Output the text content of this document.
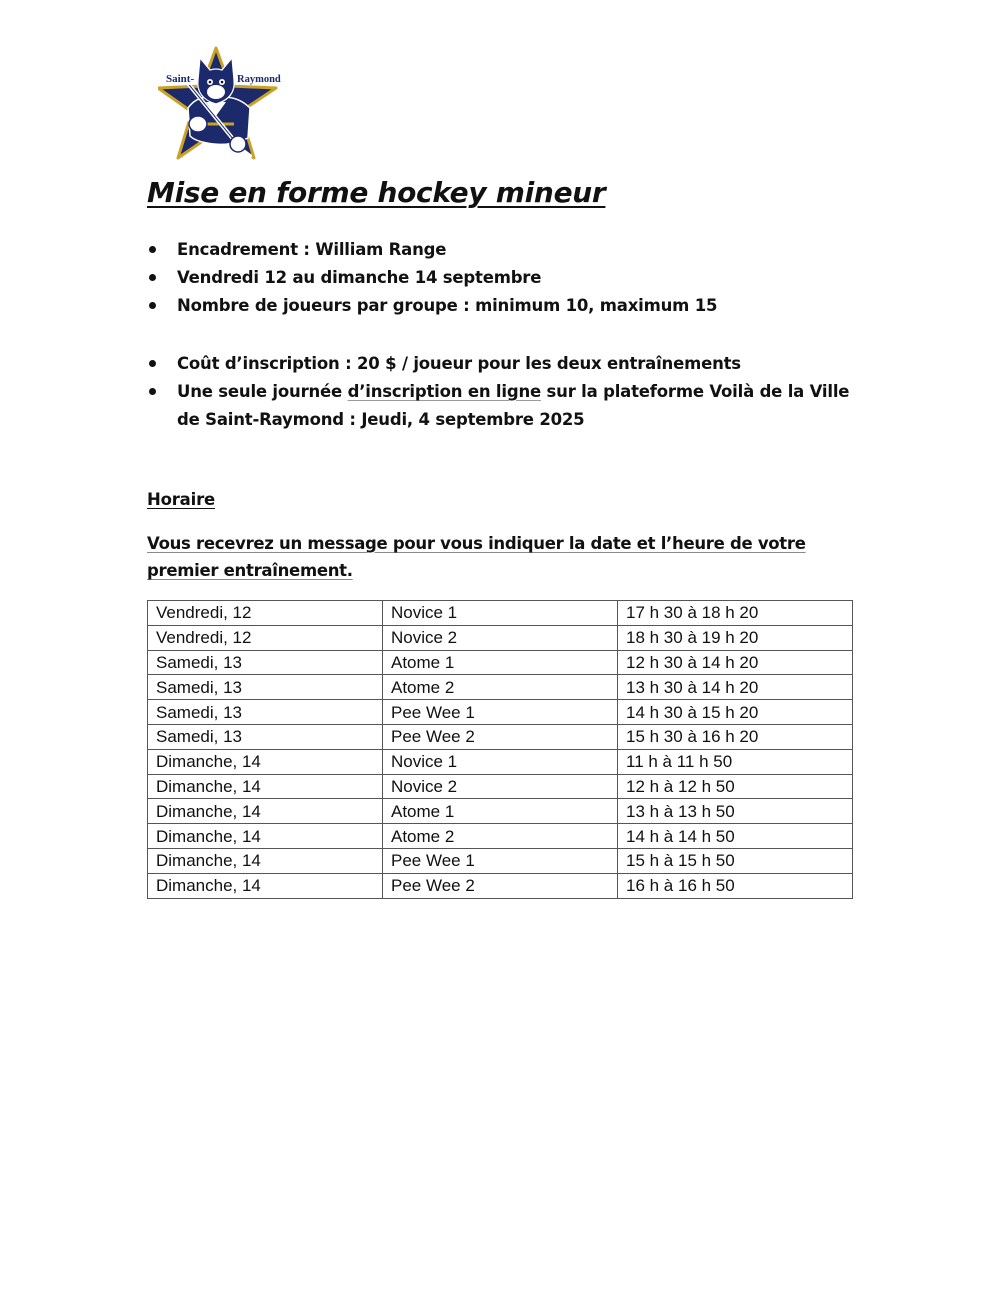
Saint-	Raymond
Mise en forme hockey mineur
Encadrement : William Range
Vendredi 12 au dimanche 14 septembre
Nombre de joueurs par groupe : minimum 10, maximum 15
Coût d’inscription : 20 $ / joueur pour les deux entraînements
Une seule journée d’inscription en ligne sur la plateforme Voilà de la Ville de Saint-Raymond : Jeudi, 4 septembre 2025
Horaire

Vous recevrez un message pour vous indiquer la date et l’heure de votre premier entraînement.

Vendredi, 12	Novice 1	17 h 30 à 18 h 20
Vendredi, 12	Novice 2	18 h 30 à 19 h 20
Samedi, 13	Atome 1	12 h 30 à 14 h 20
Samedi, 13	Atome 2	13 h 30 à 14 h 20
Samedi, 13	Pee Wee 1	14 h 30 à 15 h 20
Samedi, 13	Pee Wee 2	15 h 30 à 16 h 20
Dimanche, 14	Novice 1	11 h à 11 h 50
Dimanche, 14	Novice 2	12 h à 12 h 50
Dimanche, 14	Atome 1	13 h à 13 h 50
Dimanche, 14	Atome 2	14 h à 14 h 50
Dimanche, 14	Pee Wee 1	15 h à 15 h 50
Dimanche, 14	Pee Wee 2	16 h à 16 h 50
